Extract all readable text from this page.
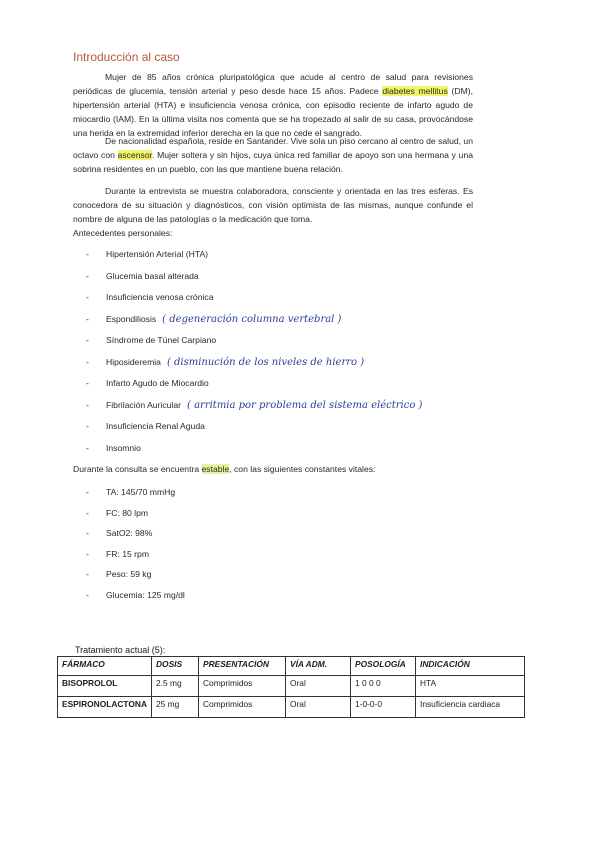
Introducción al caso
Mujer de 85 años crónica pluripatológica que acude al centro de salud para revisiones periódicas de glucemia, tensión arterial y peso desde hace 15 años. Padece diabetes mellitus (DM), hipertensión arterial (HTA) e insuficiencia venosa crónica, con episodio reciente de infarto agudo de miocardio (IAM). En la última visita nos comenta que se ha tropezado al salir de su casa, provocándose una herida en la extremidad inferior derecha en la que no cede el sangrado.
De nacionalidad española, reside en Santander. Vive sola un piso cercano al centro de salud, un octavo con ascensor. Mujer soltera y sin hijos, cuya única red familiar de apoyo son una hermana y una sobrina residentes en un pueblo, con las que mantiene buena relación.
Durante la entrevista se muestra colaboradora, consciente y orientada en las tres esferas. Es conocedora de su situación y diagnósticos, con visión optimista de las mismas, aunque confunde el nombre de alguna de las patologías o la medicación que toma.
Antecedentes personales:
- Hipertensión Arterial (HTA)
- Glucemia basal alterada
- Insuficiencia venosa crónica
- Espondiliosis ( degeneración columna vertebral )
- Síndrome de Túnel Carpiano
- Hiposideremia ( disminución de los niveles de hierro )
- Infarto Agudo de Miocardio
- Fibrilación Auricular ( arritmia por problema del sistema eléctrico )
- Insuficiencia Renal Aguda
- Insomnio
Durante la consulta se encuentra estable, con las siguientes constantes vitales:
- TA: 145/70 mmHg
- FC: 80 lpm
- SatO2: 98%
- FR: 15 rpm
- Peso: 59 kg
- Glucemia: 125 mg/dl
Tratamiento actual (5):
FÁRMACO	DOSIS	PRESENTACIÓN	VÍA ADM.	POSOLOGÍA	INDICACIÓN
BISOPROLOL	2.5 mg	Comprimidos	Oral	1 0 0 0	HTA
ESPIRONOLACTONA	25 mg	Comprimidos	Oral	1-0-0-0	Insuficiencia cardiaca
